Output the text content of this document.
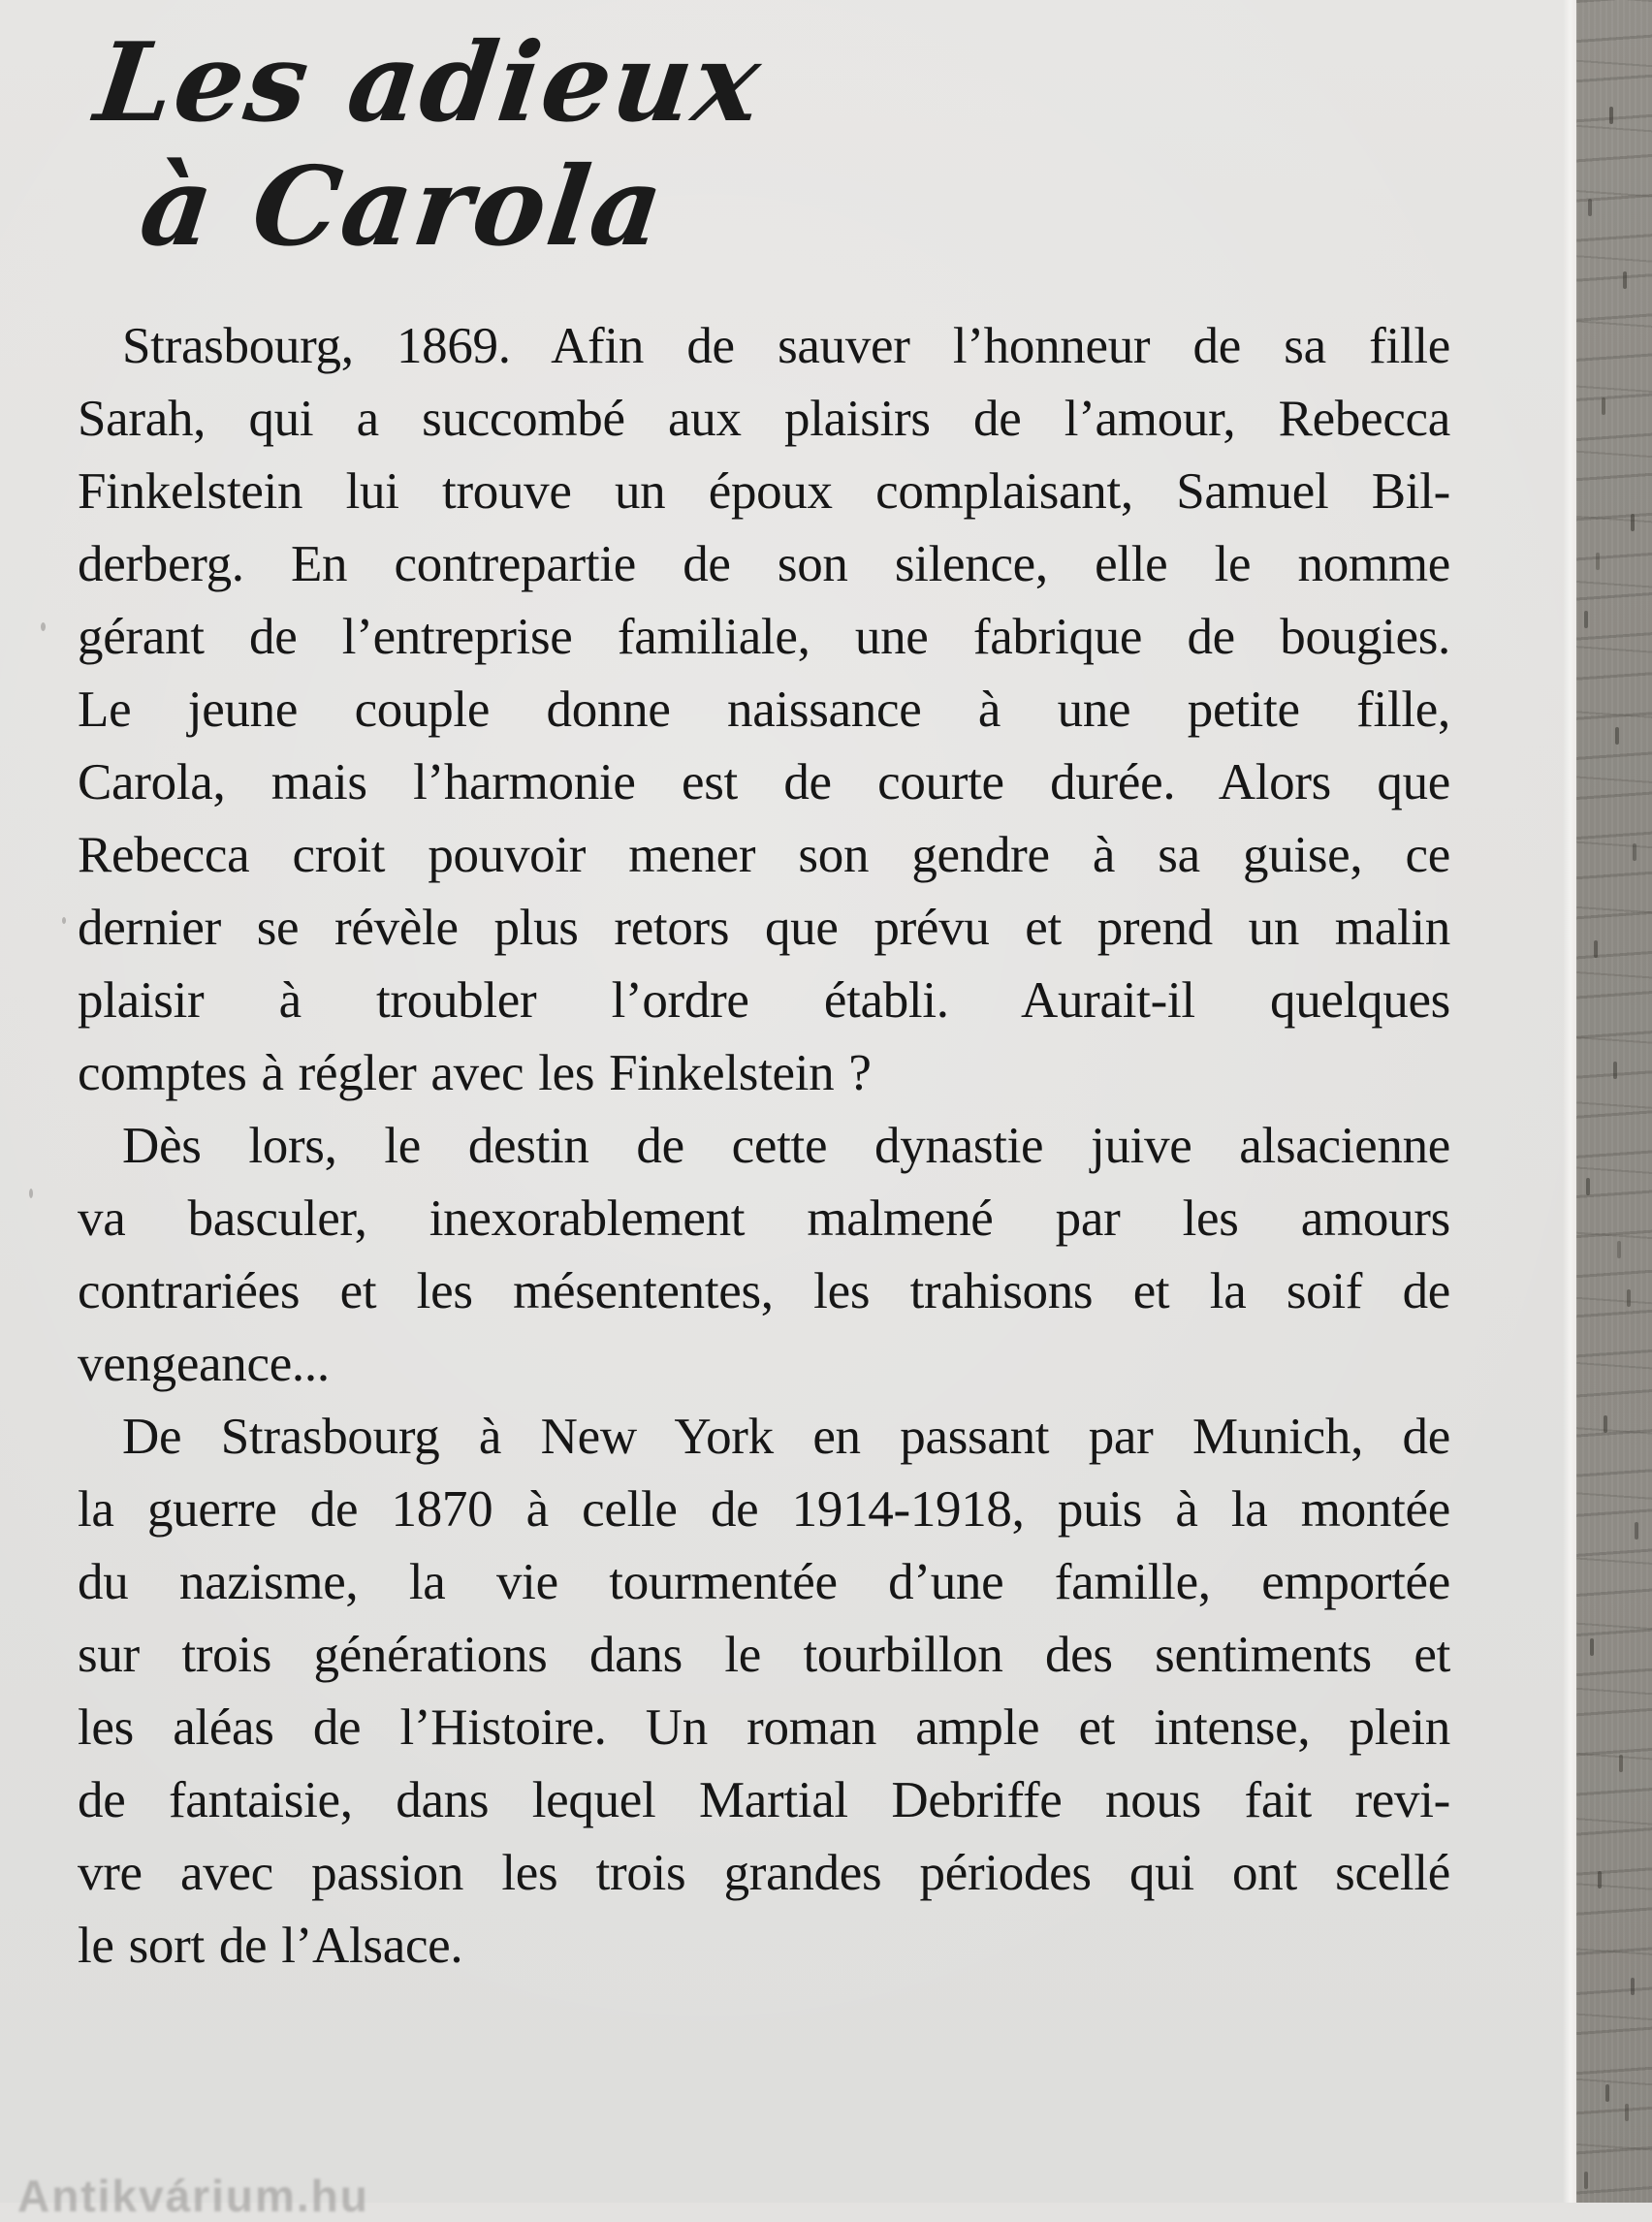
Les adieux
à Carola
Strasbourg, 1869. Afin de sauver l’honneur de sa fille
Sarah, qui a succombé aux plaisirs de l’amour, Rebecca
Finkelstein lui trouve un époux complaisant, Samuel Bil-
derberg. En contrepartie de son silence, elle le nomme
gérant de l’entreprise familiale, une fabrique de bougies.
Le jeune couple donne naissance à une petite fille,
Carola, mais l’harmonie est de courte durée. Alors que
Rebecca croit pouvoir mener son gendre à sa guise, ce
dernier se révèle plus retors que prévu et prend un malin
plaisir à troubler l’ordre établi. Aurait-il quelques
comptes à régler avec les Finkelstein ?
Dès lors, le destin de cette dynastie juive alsacienne
va basculer, inexorablement malmené par les amours
contrariées et les mésententes, les trahisons et la soif de
vengeance...
De Strasbourg à New York en passant par Munich, de
la guerre de 1870 à celle de 1914-1918, puis à la montée
du nazisme, la vie tourmentée d’une famille, emportée
sur trois générations dans le tourbillon des sentiments et
les aléas de l’Histoire. Un roman ample et intense, plein
de fantaisie, dans lequel Martial Debriffe nous fait revi-
vre avec passion les trois grandes périodes qui ont scellé
le sort de l’Alsace.
Antikvárium.hu
